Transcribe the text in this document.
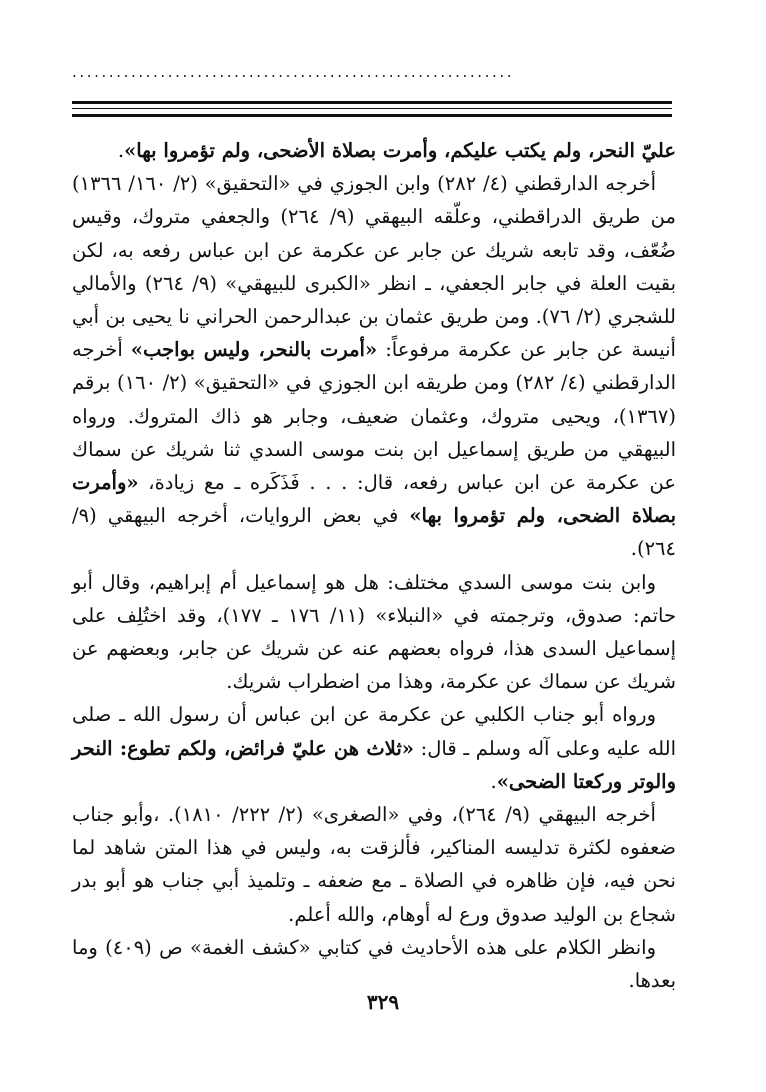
............................................................

عليّ النحر، ولم يكتب عليكم، وأمرت بصلاة الأضحى، ولم تؤمروا بها».

أخرجه الدارقطني (٤/ ٢٨٢) وابن الجوزي في «التحقيق» (٢/ ١٦٠/ ١٣٦٦) من طريق الدراقطني، وعلّقه البيهقي (٩/ ٢٦٤) والجعفي متروك، وقيس ضُعّف، وقد تابعه شريك عن جابر عن عكرمة عن ابن عباس رفعه به، لكن بقيت العلة في جابر الجعفي، ـ انظر «الكبرى للبيهقي» (٩/ ٢٦٤) والأمالي للشجري (٢/ ٧٦). ومن طريق عثمان بن عبدالرحمن الحراني نا يحيى بن أبي أنيسة عن جابر عن عكرمة مرفوعاً: «أمرت بالنحر، وليس بواجب» أخرجه الدارقطني (٤/ ٢٨٢) ومن طريقه ابن الجوزي في «التحقيق» (٢/ ١٦٠) برقم (١٣٦٧)، ويحيى متروك، وعثمان ضعيف، وجابر هو ذاك المتروك. ورواه البيهقي من طريق إسماعيل ابن بنت موسى السدي ثنا شريك عن سماك عن عكرمة عن ابن عباس رفعه، قال: . . . فَذَكَره ـ مع زيادة، «وأمرت بصلاة الضحى، ولم تؤمروا بها» في بعض الروايات، أخرجه البيهقي (٩/ ٢٦٤).

وابن بنت موسى السدي مختلف: هل هو إسماعيل أم إبراهيم، وقال أبو حاتم: صدوق، وترجمته في «النبلاء» (١١/ ١٧٦ ـ ١٧٧)، وقد اختُلِف على إسماعيل السدى هذا، فرواه بعضهم عنه عن شريك عن جابر، وبعضهم عن شريك عن سماك عن عكرمة، وهذا من اضطراب شريك.

ورواه أبو جناب الكلبي عن عكرمة عن ابن عباس أن رسول الله ـ صلى الله عليه وعلى آله وسلم ـ قال: «ثلاث هن عليّ فرائض، ولكم تطوع: النحر والوتر وركعتا الضحى».

أخرجه البيهقي (٩/ ٢٦٤)، وفي «الصغرى» (٢/ ٢٢٢/ ١٨١٠). ،وأبو جناب ضعفوه لكثرة تدليسه المناكير، فألزقت به، وليس في هذا المتن شاهد لما نحن فيه، فإن ظاهره في الصلاة ـ مع ضعفه ـ وتلميذ أبي جناب هو أبو بدر شجاع بن الوليد صدوق ورع له أوهام، والله أعلم.

وانظر الكلام على هذه الأحاديث في كتابي «كشف الغمة» ص (٤٠٩) وما بعدها.

٣٢٩
